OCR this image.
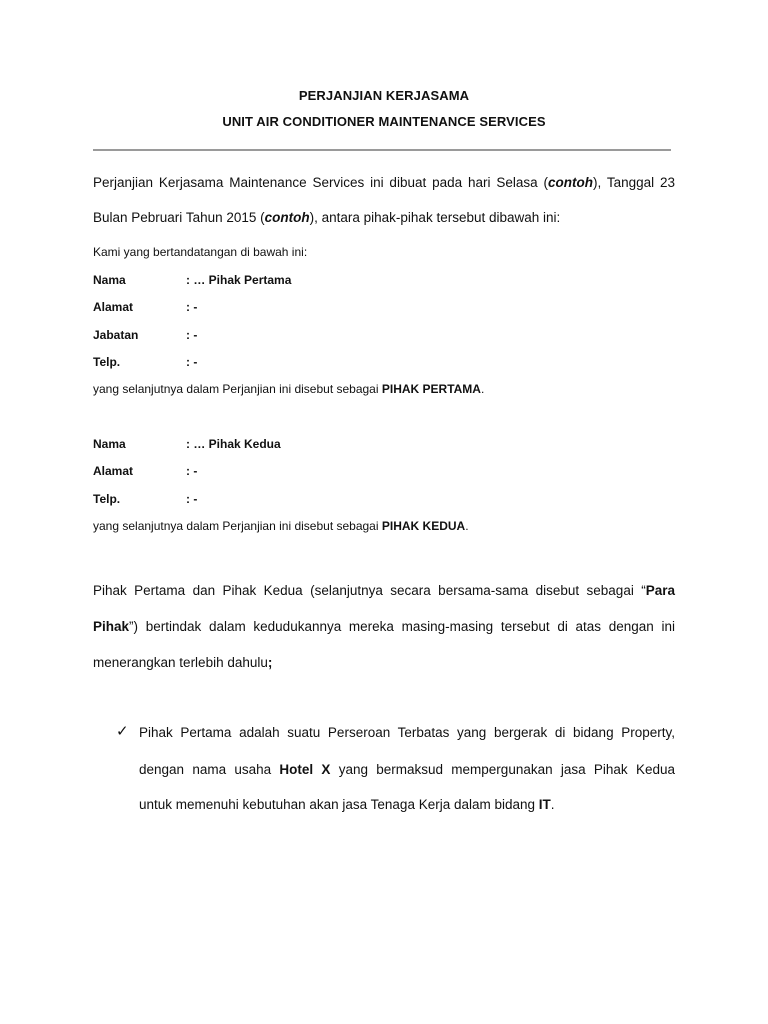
PERJANJIAN KERJASAMA
UNIT AIR CONDITIONER MAINTENANCE SERVICES
Perjanjian Kerjasama Maintenance Services ini dibuat pada hari Selasa (contoh), Tanggal 23
Bulan Pebruari Tahun 2015 (contoh), antara pihak-pihak tersebut dibawah ini:
Kami yang bertandatangan di bawah ini:
Nama	: … Pihak Pertama
Alamat	: -
Jabatan	: -
Telp.	: -
yang selanjutnya dalam Perjanjian ini disebut sebagai PIHAK PERTAMA.
Nama	: … Pihak Kedua
Alamat	: -
Telp.	: -
yang selanjutnya dalam Perjanjian ini disebut sebagai PIHAK KEDUA.
Pihak Pertama dan Pihak Kedua (selanjutnya secara bersama-sama disebut sebagai “Para
Pihak”) bertindak dalam kedudukannya mereka masing-masing tersebut di atas dengan ini
menerangkan terlebih dahulu;
✓ Pihak Pertama adalah suatu Perseroan Terbatas yang bergerak di bidang Property,
dengan nama usaha Hotel X yang bermaksud mempergunakan jasa Pihak Kedua
untuk memenuhi kebutuhan akan jasa Tenaga Kerja dalam bidang IT.
